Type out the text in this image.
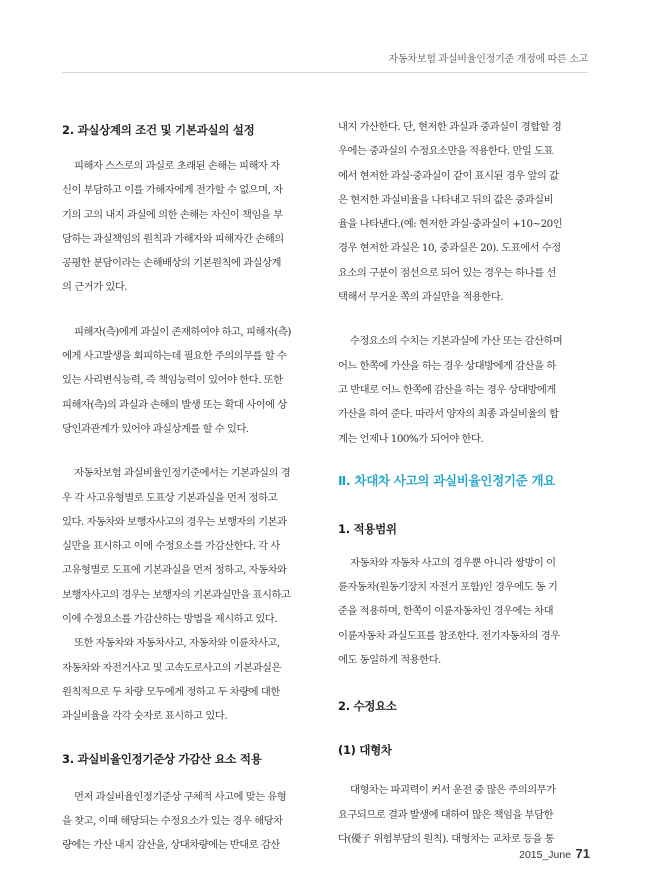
자동차보험 과실비율인정기준 개정에 따른 소고
2. 과실상계의 조건 및 기본과실의 설정

피해자 스스로의 과실로 초래된 손해는 피해자 자
신이 부담하고 이를 가해자에게 전가할 수 없으며, 자
기의 고의 내지 과실에 의한 손해는 자신이 책임을 부
담하는 과실책임의 원칙과 가해자와 피해자간 손해의
공평한 분담이라는 손해배상의 기본원칙에 과실상계
의 근거가 있다.

피해자(측)에게 과실이 존재하여야 하고, 피해자(측)
에게 사고발생을 회피하는데 필요한 주의의무를 할 수
있는 사리변식능력, 즉 책임능력이 있어야 한다. 또한
피해자(측)의 과실과 손해의 발생 또는 확대 사이에 상
당인과관계가 있어야 과실상계를 할 수 있다.

자동차보험 과실비율인정기준에서는 기본과실의 경
우 각 사고유형별로 도표상 기본과실을 먼저 정하고
있다. 자동차와 보행자사고의 경우는 보행자의 기본과
실만을 표시하고 이에 수정요소를 가감산한다. 각 사
고유형별로 도표에 기본과실을 먼저 정하고, 자동차와
보행자사고의 경우는 보행자의 기본과실만을 표시하고
이에 수정요소를 가감산하는 방법을 제시하고 있다.

또한 자동차와 자동차사고, 자동차와 이륜차사고,
자동차와 자전거사고 및 고속도로사고의 기본과실은
원칙적으로 두 차량 모두에게 정하고 두 차량에 대한
과실비율을 각각 숫자로 표시하고 있다.

3. 과실비율인정기준상 가감산 요소 적용

먼저 과실비율인정기준상 구체적 사고에 맞는 유형
을 찾고, 이때 해당되는 수정요소가 있는 경우 해당차
량에는 가산 내지 감산을, 상대차량에는 반대로 감산

내지 가산한다. 단, 현저한 과실과 중과실이 경합할 경
우에는 중과실의 수정요소만을 적용한다. 만일 도표
에서 현저한 과실·중과실이 같이 표시된 경우 앞의 값
은 현저한 과실비율을 나타내고 뒤의 값은 중과실비
율을 나타낸다.(예: 현저한 과실·중과실이 +10~20인
경우 현저한 과실은 10, 중과실은 20). 도표에서 수정
요소의 구분이 점선으로 되어 있는 경우는 하나를 선
택해서 무거운 쪽의 과실만을 적용한다.

수정요소의 수치는 기본과실에 가산 또는 감산하며
어느 한쪽에 가산을 하는 경우 상대방에게 감산을 하
고 반대로 어느 한쪽에 감산을 하는 경우 상대방에게
가산을 하여 준다. 따라서 양자의 최종 과실비율의 합
계는 언제나 100%가 되어야 한다.

Ⅱ. 차대차 사고의 과실비율인정기준 개요
1. 적용범위

자동차와 자동차 사고의 경우뿐 아니라 쌍방이 이
륜자동차(원동기장치 자전거 포함)인 경우에도 동 기
준을 적용하며, 한쪽이 이륜자동차인 경우에는 차대
이륜자동차 과실도표를 참조한다. 전기자동차의 경우
에도 동일하게 적용한다.

2. 수정요소
(1) 대형차

대형차는 파괴력이 커서 운전 중 많은 주의의무가
요구되므로 결과 발생에 대하여 많은 책임을 부담한
다(優子 위험부담의 원칙). 대형차는 교차로 등을 통

2015_June 71
